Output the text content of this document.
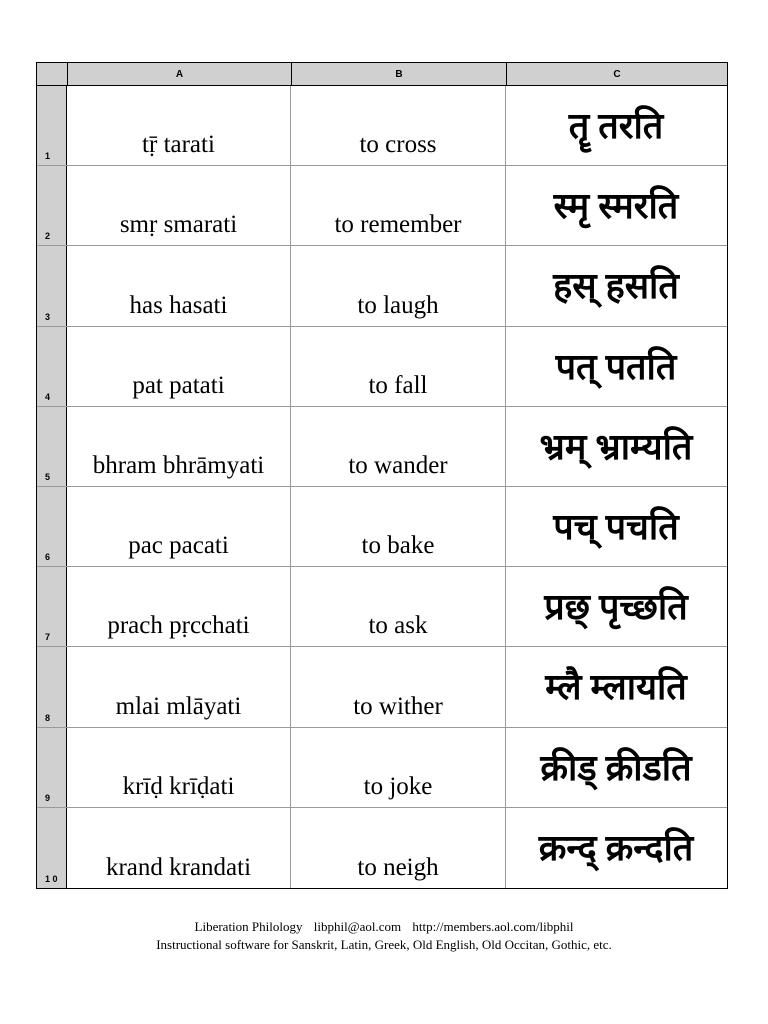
A	B	C
1	tṝ tarati	to cross	तॄ तरति
2	smṛ smarati	to remember	स्मृ स्मरति
3	has hasati	to laugh	हस् हसति
4	pat patati	to fall	पत् पतति
5	bhram bhrāmyati	to wander	भ्रम् भ्राम्यति
6	pac pacati	to bake	पच् पचति
7	prach pṛcchati	to ask	प्रछ् पृच्छति
8	mlai mlāyati	to wither	म्लै म्लायति
9	krīḍ krīḍati	to joke	क्रीड् क्रीडति
1 0	krand krandati	to neigh	क्रन्द् क्रन्दति
Liberation Philology libphil@aol.com http://members.aol.com/libphil
Instructional software for Sanskrit, Latin, Greek, Old English, Old Occitan, Gothic, etc.
